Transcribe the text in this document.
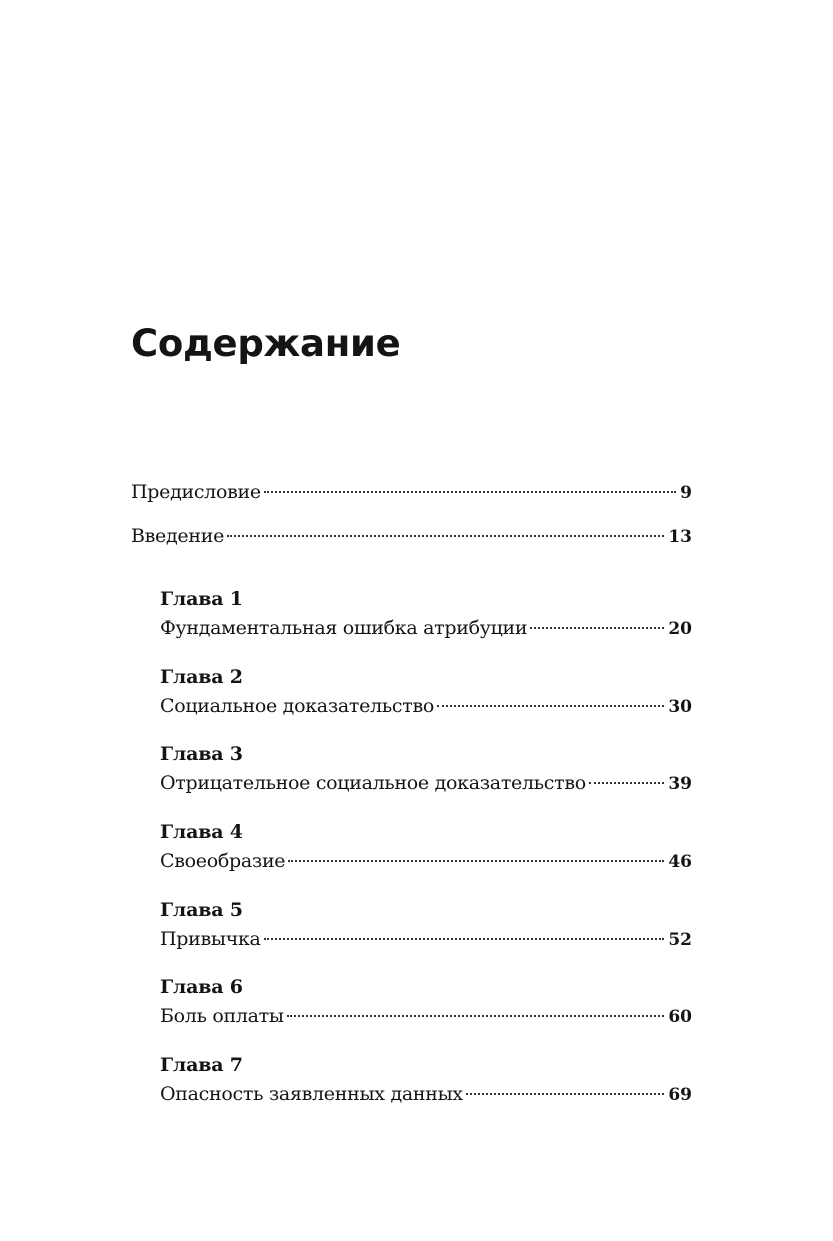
Содержание
Предисловие	9
Введение	13
Глава 1
Фундаментальная ошибка атрибуции	20
Глава 2
Социальное доказательство	30
Глава 3
Отрицательное социальное доказательство	39
Глава 4
Своеобразие	46
Глава 5
Привычка	52
Глава 6
Боль оплаты	60
Глава 7
Опасность заявленных данных	69
